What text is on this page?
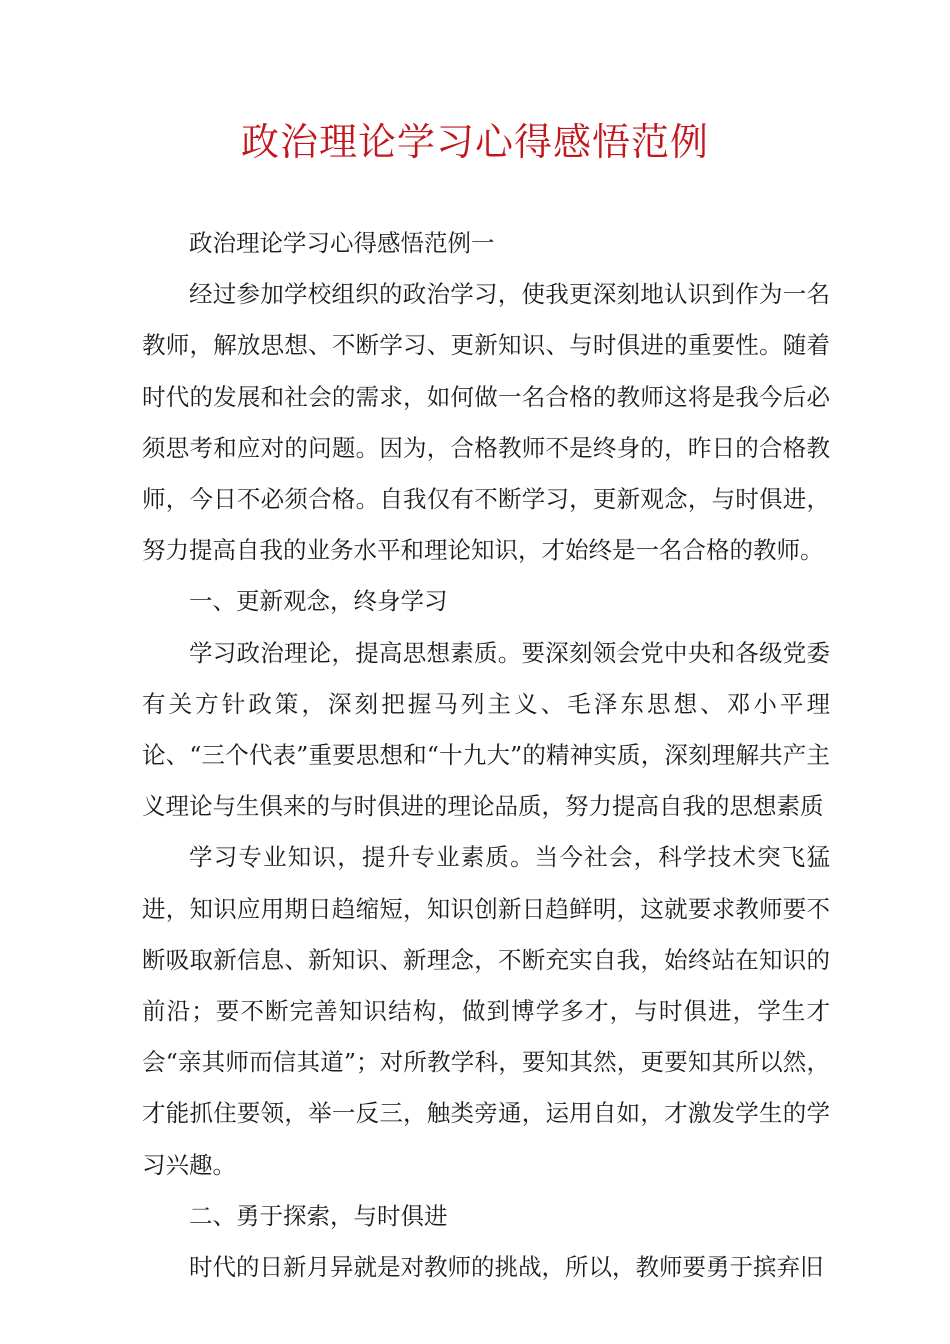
政治理论学习心得感悟范例

政治理论学习心得感悟范例一

经过参加学校组织的政治学习，使我更深刻地认识到作为一名教师，解放思想、不断学习、更新知识、与时俱进的重要性。随着时代的发展和社会的需求，如何做一名合格的教师这将是我今后必须思考和应对的问题。因为，合格教师不是终身的，昨日的合格教师，今日不必须合格。自我仅有不断学习，更新观念，与时俱进，努力提高自我的业务水平和理论知识，才始终是一名合格的教师。

一、更新观念，终身学习

学习政治理论，提高思想素质。要深刻领会党中央和各级党委有关方针政策，深刻把握马列主义、毛泽东思想、邓小平理论、“三个代表”重要思想和“十九大”的精神实质，深刻理解共产主义理论与生俱来的与时俱进的理论品质，努力提高自我的思想素质

学习专业知识，提升专业素质。当今社会，科学技术突飞猛进，知识应用期日趋缩短，知识创新日趋鲜明，这就要求教师要不断吸取新信息、新知识、新理念，不断充实自我，始终站在知识的前沿；要不断完善知识结构，做到博学多才，与时俱进，学生才会“亲其师而信其道”；对所教学科，要知其然，更要知其所以然，才能抓住要领，举一反三，触类旁通，运用自如，才激发学生的学习兴趣。

二、勇于探索，与时俱进

时代的日新月异就是对教师的挑战，所以，教师要勇于摈弃旧
